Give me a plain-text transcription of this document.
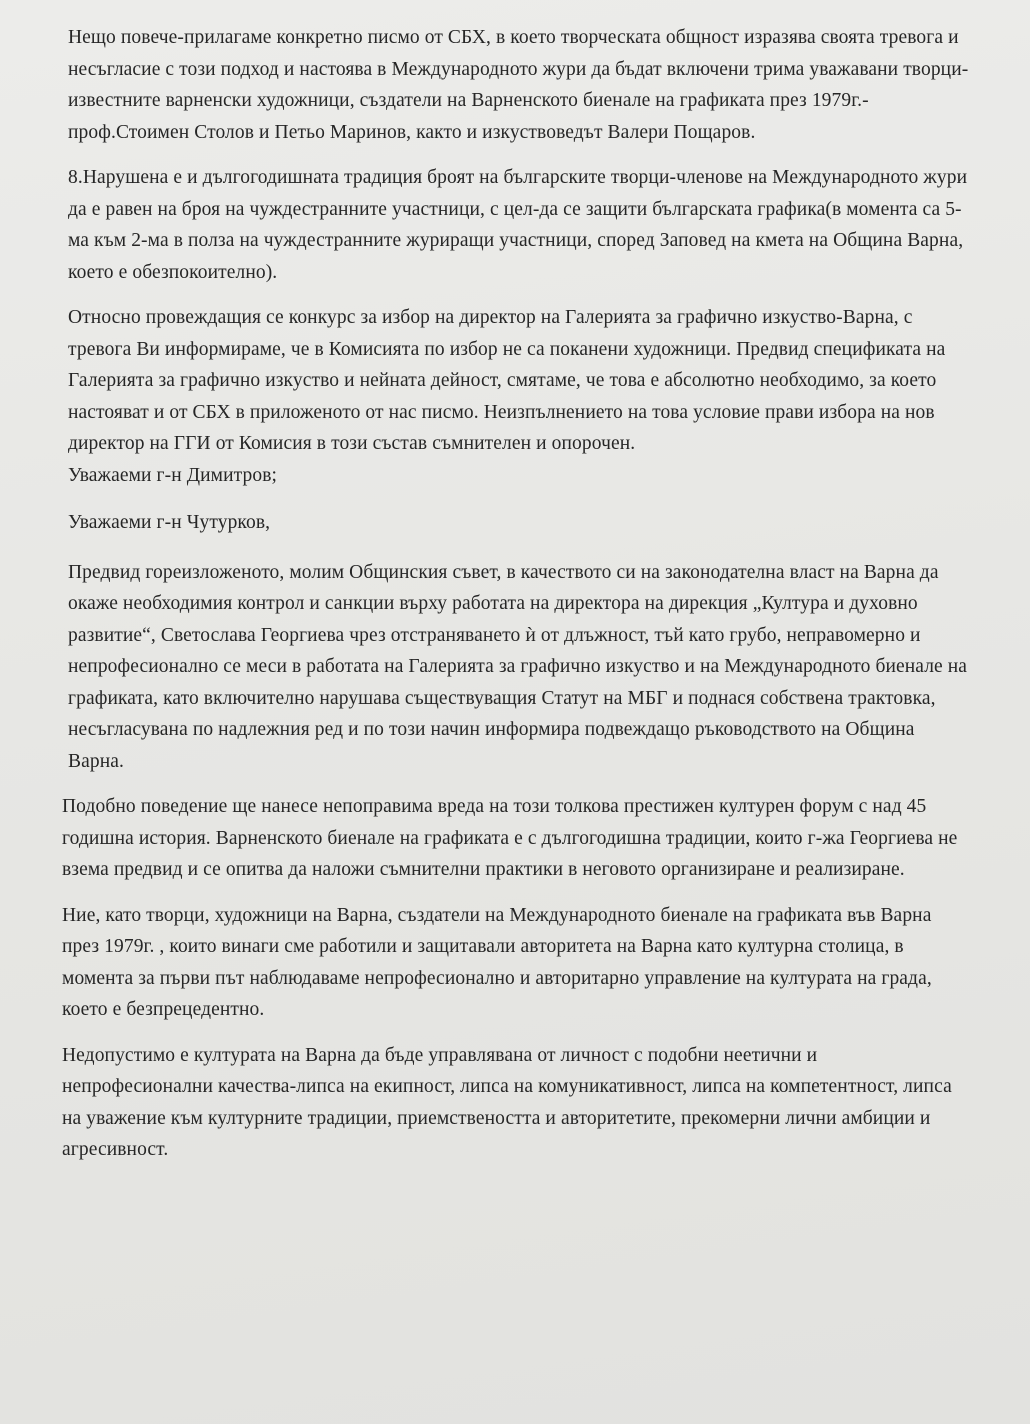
Нещо повече-прилагаме конкретно писмо от СБХ, в което творческата общност изразява своята тревога и несъгласие с този подход и настоява в Международното жури да бъдат включени трима уважавани творци-известните варненски художници, създатели на Варненското биенале на графиката през 1979г.-проф.Стоимен Столов и Петьо Маринов, както и изкуствоведът Валери Пощаров.

8.Нарушена е и дългогодишната традиция броят на българските творци-членове на Международното жури да е равен на броя на чуждестранните участници, с цел-да се защити българската графика(в момента са 5-ма към 2-ма в полза на чуждестранните журиращи участници, според Заповед на кмета на Община Варна, което е обезпокоително).

Относно провеждащия се конкурс за избор на директор на Галерията за графично изкуство-Варна, с тревога Ви информираме, че в Комисията по избор не са поканени художници. Предвид спецификата на Галерията за графично изкуство и нейната дейност, смятаме, че това е абсолютно необходимо, за което настояват и от СБХ в приложеното от нас писмо. Неизпълнението на това условие прави избора на нов директор на ГГИ от Комисия в този състав съмнителен и опорочен.

Уважаеми г-н Димитров;

Уважаеми г-н Чутурков,

Предвид гореизложеното, молим Общинския съвет, в качеството си на законодателна власт на Варна да окаже необходимия контрол и санкции върху работата на директора на дирекция „Култура и духовно развитие“, Светослава Георгиева чрез отстраняването ѝ от длъжност, тъй като грубо, неправомерно и непрофесионално се меси в работата на Галерията за графично изкуство и на Международното биенале на графиката, като включително нарушава съществуващия Статут на МБГ и поднася собствена трактовка, несъгласувана по надлежния ред и по този начин информира подвеждащо ръководството на Община Варна.

Подобно поведение ще нанесе непоправима вреда на този толкова престижен културен форум с над 45 годишна история. Варненското биенале на графиката е с дългогодишна традиции, които г-жа Георгиева не взема предвид и се опитва да наложи съмнителни практики в неговото организиране и реализиране.

Ние, като творци, художници на Варна, създатели на Международното биенале на графиката във Варна през 1979г. , които винаги сме работили и защитавали авторитета на Варна като културна столица, в момента за първи път наблюдаваме непрофесионално и авторитарно управление на културата на града, което е безпрецедентно.

Недопустимо е културата на Варна да бъде управлявана от личност с подобни неетични и непрофесионални качества-липса на екипност, липса на комуникативност, липса на компетентност, липса на уважение към културните традиции, приемствеността и авторитетите, прекомерни лични амбиции и агресивност.
